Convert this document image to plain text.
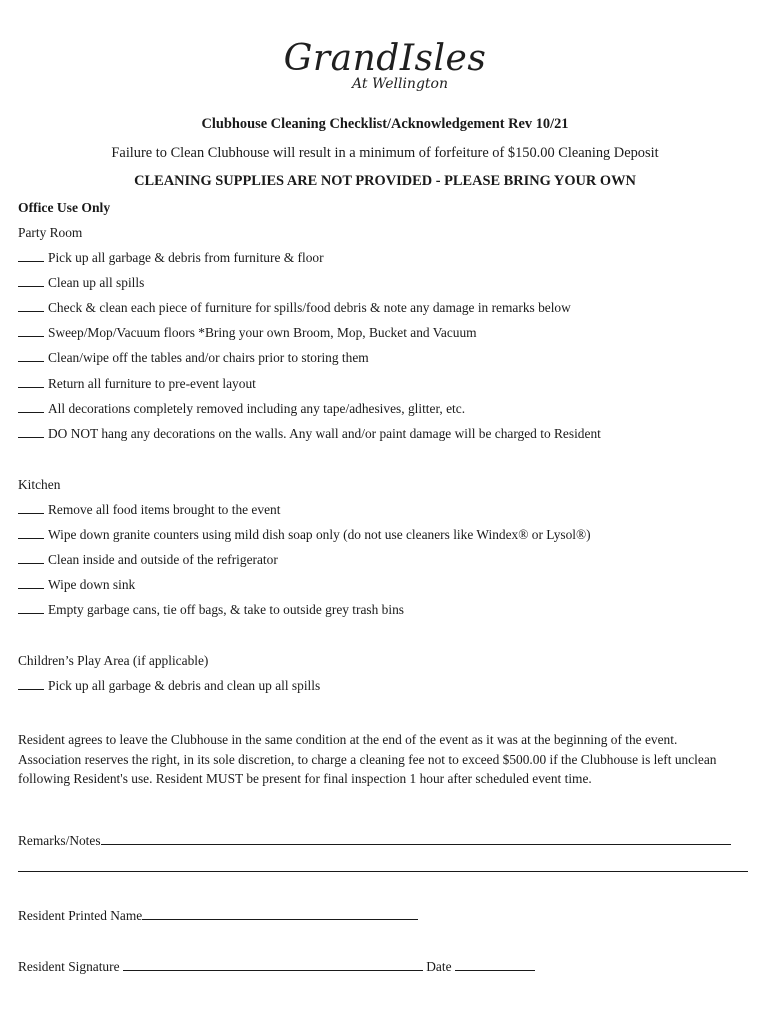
GrandIsles
At Wellington
Clubhouse Cleaning Checklist/Acknowledgement Rev 10/21
Failure to Clean Clubhouse will result in a minimum of forfeiture of $150.00 Cleaning Deposit
CLEANING SUPPLIES ARE NOT PROVIDED - PLEASE BRING YOUR OWN
Office Use Only
Party Room
Pick up all garbage & debris from furniture & floor
Clean up all spills
Check & clean each piece of furniture for spills/food debris & note any damage in remarks below
Sweep/Mop/Vacuum floors *Bring your own Broom, Mop, Bucket and Vacuum
Clean/wipe off the tables and/or chairs prior to storing them
Return all furniture to pre-event layout
All decorations completely removed including any tape/adhesives, glitter, etc.
DO NOT hang any decorations on the walls. Any wall and/or paint damage will be charged to Resident
Kitchen
Remove all food items brought to the event
Wipe down granite counters using mild dish soap only (do not use cleaners like Windex® or Lysol®)
Clean inside and outside of the refrigerator
Wipe down sink
Empty garbage cans, tie off bags, & take to outside grey trash bins
Children’s Play Area (if applicable)
Pick up all garbage & debris and clean up all spills

Resident agrees to leave the Clubhouse in the same condition at the end of the event as it was at the beginning of the event. Association reserves the right, in its sole discretion, to charge a cleaning fee not to exceed $500.00 if the Clubhouse is left unclean following Resident's use. Resident MUST be present for final inspection 1 hour after scheduled event time.

Remarks/Notes
Resident Printed Name
Resident Signature	Date
